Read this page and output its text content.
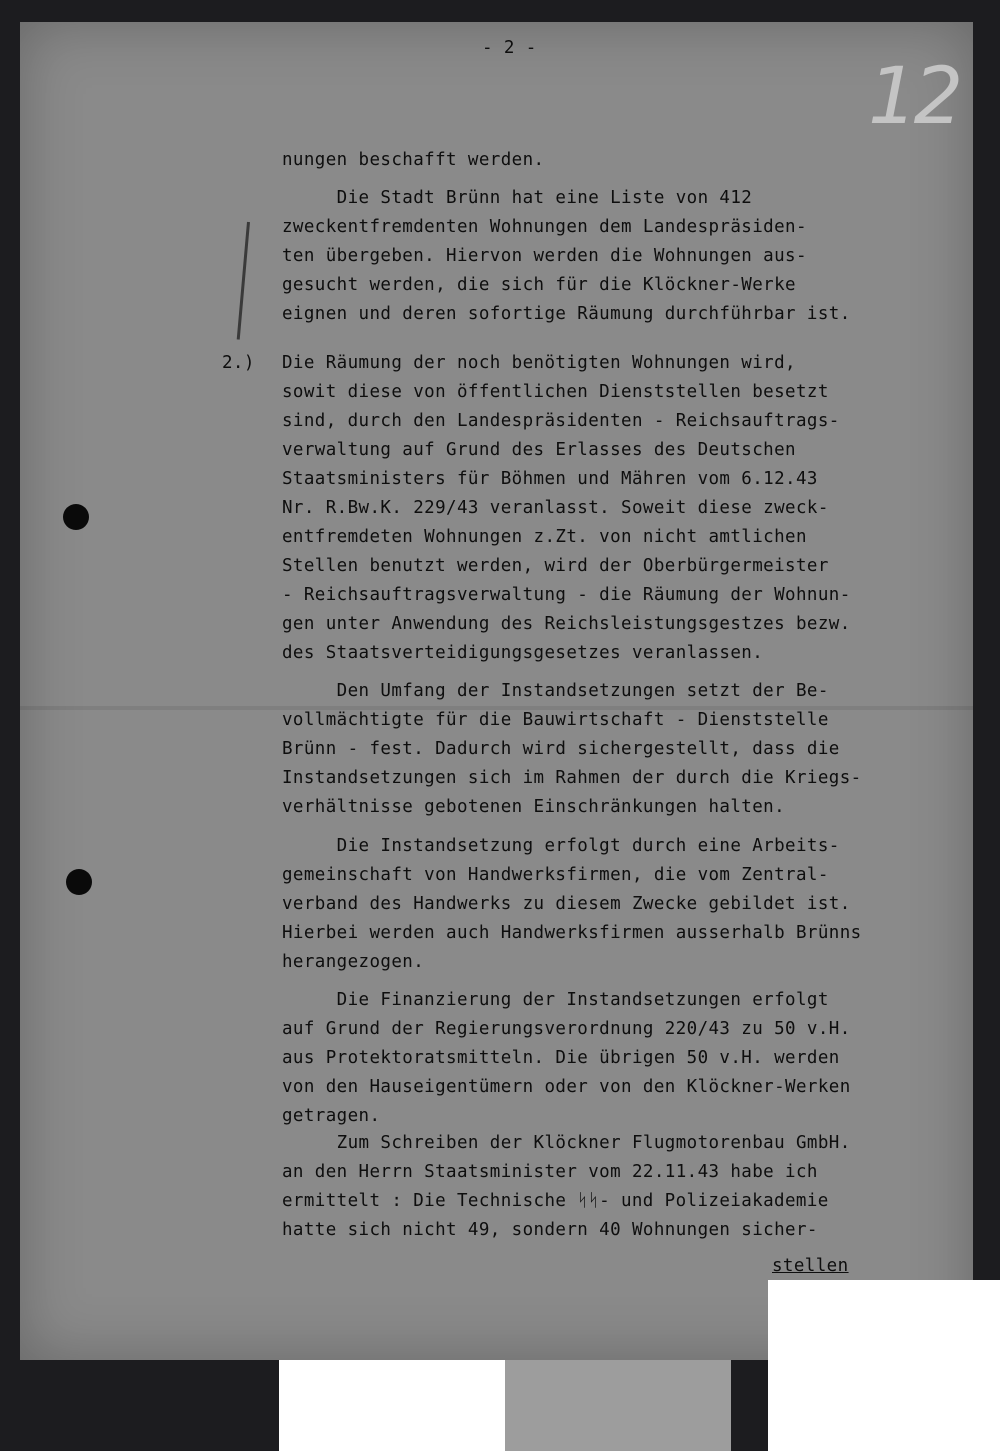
- 2 -
12
nungen beschafft werden.
Die Stadt Brünn hat eine Liste von 412
zweckentfremdenten Wohnungen dem Landespräsiden-
ten übergeben. Hiervon werden die Wohnungen aus-
gesucht werden, die sich für die Klöckner-Werke
eignen und deren sofortige Räumung durchführbar ist.
2.) Die Räumung der noch benötigten Wohnungen wird,
sowit diese von öffentlichen Dienststellen besetzt
sind, durch den Landespräsidenten - Reichsauftrags-
verwaltung auf Grund des Erlasses des Deutschen
Staatsministers für Böhmen und Mähren vom 6.12.43
Nr. R.Bw.K. 229/43 veranlasst. Soweit diese zweck-
entfremdeten Wohnungen z.Zt. von nicht amtlichen
Stellen benutzt werden, wird der Oberbürgermeister
- Reichsauftragsverwaltung - die Räumung der Wohnun-
gen unter Anwendung des Reichsleistungsgestzes bezw.
des Staatsverteidigungsgesetzes veranlassen.
Den Umfang der Instandsetzungen setzt der Be-
vollmächtigte für die Bauwirtschaft - Dienststelle
Brünn - fest. Dadurch wird sichergestellt, dass die
Instandsetzungen sich im Rahmen der durch die Kriegs-
verhältnisse gebotenen Einschränkungen halten.
Die Instandsetzung erfolgt durch eine Arbeits-
gemeinschaft von Handwerksfirmen, die vom Zentral-
verband des Handwerks zu diesem Zwecke gebildet ist.
Hierbei werden auch Handwerksfirmen ausserhalb Brünns
herangezogen.
Die Finanzierung der Instandsetzungen erfolgt
auf Grund der Regierungsverordnung 220/43 zu 50 v.H.
aus Protektoratsmitteln. Die übrigen 50 v.H. werden
von den Hauseigentümern oder von den Klöckner-Werken
getragen.
Zum Schreiben der Klöckner Flugmotorenbau GmbH.
an den Herrn Staatsminister vom 22.11.43 habe ich
ermittelt : Die Technische ᛋᛋ- und Polizeiakademie
hatte sich nicht 49, sondern 40 Wohnungen sicher-
stellen
